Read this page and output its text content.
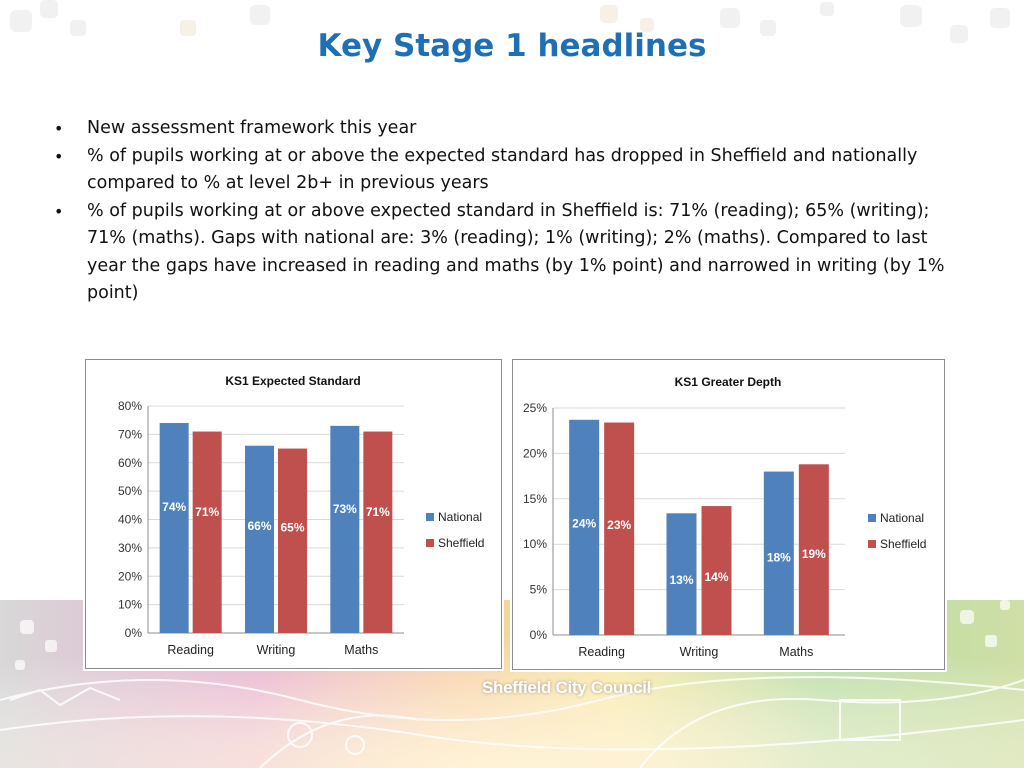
Key Stage 1 headlines
• New assessment framework this year
• % of pupils working at or above the expected standard has dropped in Sheffield and nationally compared to % at level 2b+ in previous years
• % of pupils working at or above expected standard in Sheffield is: 71% (reading); 65% (writing); 71% (maths). Gaps with national are: 3% (reading); 1% (writing); 2% (maths). Compared to last year the gaps have increased in reading and maths (by 1% point) and narrowed in writing (by 1% point)
KS1 Expected Standard
0%
10%
20%
30%
40%
50%
60%
70%
80%
74% 71%
Reading
66% 65%
Writing
73% 71%
Maths
National
Sheffield
KS1 Greater Depth
0%
5%
10%
15%
20%
25%
24% 23%
Reading
13% 14%
Writing
18% 19%
Maths
National
Sheffield
Sheffield City Council
